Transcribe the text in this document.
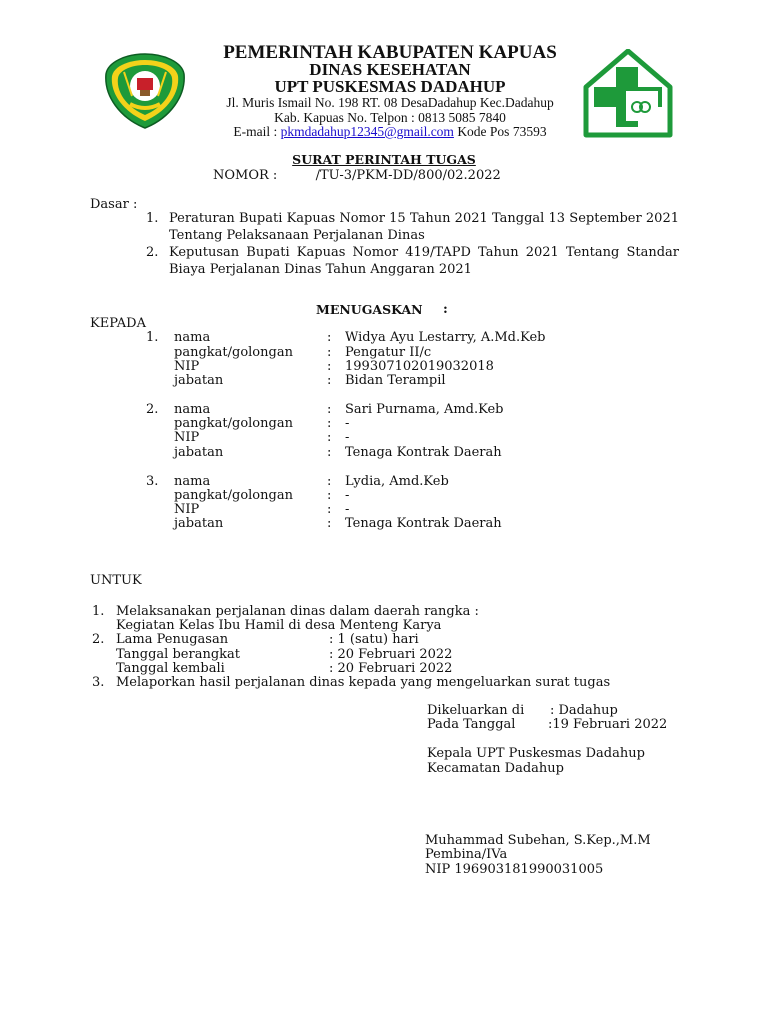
PEMERINTAH KABUPATEN KAPUAS
DINAS KESEHATAN
UPT PUSKESMAS DADAHUP
Jl. Muris Ismail No. 198 RT. 08 DesaDadahup Kec.Dadahup
Kab. Kapuas No. Telpon : 0813 5085 7840
E-mail : pkmdadahup12345@gmail.com Kode Pos 73593
SURAT PERINTAH TUGAS
NOMOR :	/TU-3/PKM-DD/800/02.2022
Dasar :
1. Peraturan Bupati Kapuas Nomor 15 Tahun 2021 Tanggal 13 September 2021 Tentang Pelaksanaan Perjalanan Dinas
2. Keputusan Bupati Kapuas Nomor 419/TAPD Tahun 2021 Tentang Standar Biaya Perjalanan Dinas Tahun Anggaran 2021
MENUGASKAN :
KEPADA
1. nama	: Widya Ayu Lestarry, A.Md.Keb
pangkat/golongan	: Pengatur II/c
NIP	: 199307102019032018
jabatan	: Bidan Terampil
2. nama	: Sari Purnama, Amd.Keb
pangkat/golongan	: -
NIP	: -
jabatan	: Tenaga Kontrak Daerah
3. nama	: Lydia, Amd.Keb
pangkat/golongan	: -
NIP	: -
jabatan	: Tenaga Kontrak Daerah
UNTUK
1. Melaksanakan perjalanan dinas dalam daerah rangka :
Kegiatan Kelas Ibu Hamil di desa Menteng Karya
2. Lama Penugasan	: 1 (satu) hari
Tanggal berangkat	: 20 Februari 2022
Tanggal kembali	: 20 Februari 2022
3. Melaporkan hasil perjalanan dinas kepada yang mengeluarkan surat tugas
Dikeluarkan di : Dadahup
Pada Tanggal	:19 Februari 2022
Kepala UPT Puskesmas Dadahup
Kecamatan Dadahup
Muhammad Subehan, S.Kep.,M.M
Pembina/IVa
NIP 196903181990031005
